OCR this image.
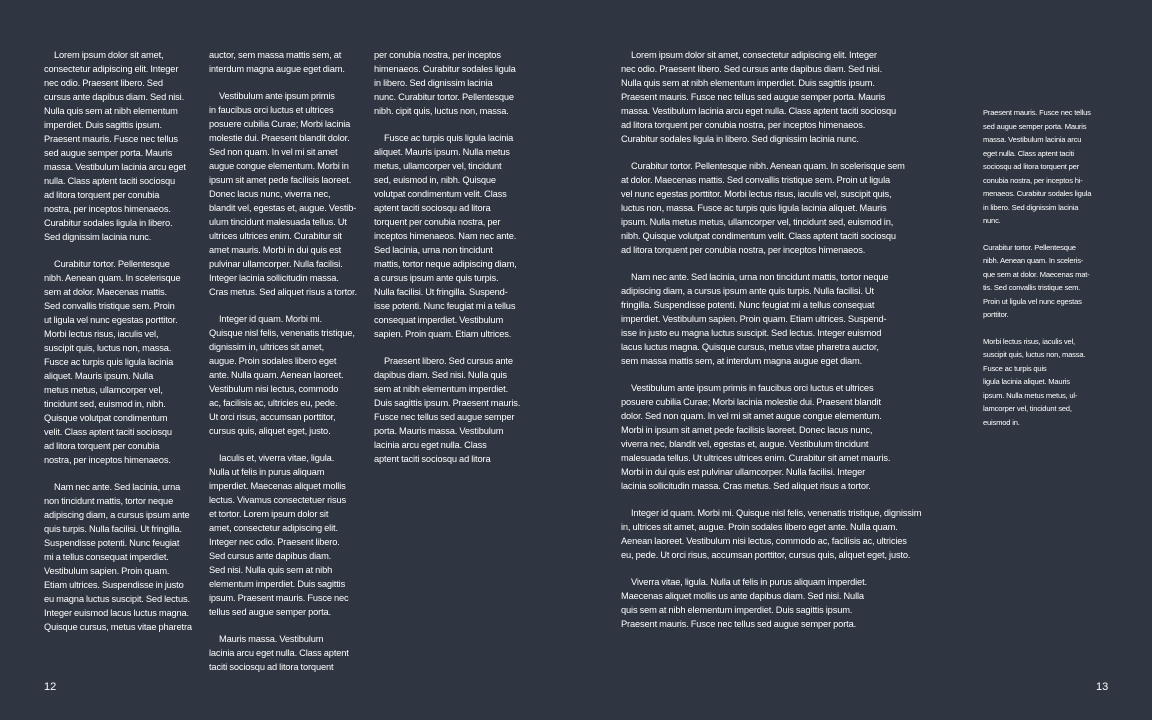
Lorem ipsum dolor sit amet,
consectetur adipiscing elit. Integer
nec odio. Praesent libero. Sed
cursus ante dapibus diam. Sed nisi.
Nulla quis sem at nibh elementum
imperdiet. Duis sagittis ipsum.
Praesent mauris. Fusce nec tellus
sed augue semper porta. Mauris
massa. Vestibulum lacinia arcu eget
nulla. Class aptent taciti sociosqu
ad litora torquent per conubia
nostra, per inceptos himenaeos.
Curabitur sodales ligula in libero.
Sed dignissim lacinia nunc.

Curabitur tortor. Pellentesque
nibh. Aenean quam. In scelerisque
sem at dolor. Maecenas mattis.
Sed convallis tristique sem. Proin
ut ligula vel nunc egestas porttitor.
Morbi lectus risus, iaculis vel,
suscipit quis, luctus non, massa.
Fusce ac turpis quis ligula lacinia
aliquet. Mauris ipsum. Nulla
metus metus, ullamcorper vel,
tincidunt sed, euismod in, nibh.
Quisque volutpat condimentum
velit. Class aptent taciti sociosqu
ad litora torquent per conubia
nostra, per inceptos himenaeos.

Nam nec ante. Sed lacinia, urna
non tincidunt mattis, tortor neque
adipiscing diam, a cursus ipsum ante
quis turpis. Nulla facilisi. Ut fringilla.
Suspendisse potenti. Nunc feugiat
mi a tellus consequat imperdiet.
Vestibulum sapien. Proin quam.
Etiam ultrices. Suspendisse in justo
eu magna luctus suscipit. Sed lectus.
Integer euismod lacus luctus magna.
Quisque cursus, metus vitae pharetra

auctor, sem massa mattis sem, at
interdum magna augue eget diam.

Vestibulum ante ipsum primis
in faucibus orci luctus et ultrices
posuere cubilia Curae; Morbi lacinia
molestie dui. Praesent blandit dolor.
Sed non quam. In vel mi sit amet
augue congue elementum. Morbi in
ipsum sit amet pede facilisis laoreet.
Donec lacus nunc, viverra nec,
blandit vel, egestas et, augue. Vestib-
ulum tincidunt malesuada tellus. Ut
ultrices ultrices enim. Curabitur sit
amet mauris. Morbi in dui quis est
pulvinar ullamcorper. Nulla facilisi.
Integer lacinia sollicitudin massa.
Cras metus. Sed aliquet risus a tortor.

Integer id quam. Morbi mi.
Quisque nisl felis, venenatis tristique,
dignissim in, ultrices sit amet,
augue. Proin sodales libero eget
ante. Nulla quam. Aenean laoreet.
Vestibulum nisi lectus, commodo
ac, facilisis ac, ultricies eu, pede.
Ut orci risus, accumsan porttitor,
cursus quis, aliquet eget, justo.

Iaculis et, viverra vitae, ligula.
Nulla ut felis in purus aliquam
imperdiet. Maecenas aliquet mollis
lectus. Vivamus consectetuer risus
et tortor. Lorem ipsum dolor sit
amet, consectetur adipiscing elit.
Integer nec odio. Praesent libero.
Sed cursus ante dapibus diam.
Sed nisi. Nulla quis sem at nibh
elementum imperdiet. Duis sagittis
ipsum. Praesent mauris. Fusce nec
tellus sed augue semper porta.

Mauris massa. Vestibulum
lacinia arcu eget nulla. Class aptent
taciti sociosqu ad litora torquent

per conubia nostra, per inceptos
himenaeos. Curabitur sodales ligula
in libero. Sed dignissim lacinia
nunc. Curabitur tortor. Pellentesque
nibh. cipit quis, luctus non, massa.

Fusce ac turpis quis ligula lacinia
aliquet. Mauris ipsum. Nulla metus
metus, ullamcorper vel, tincidunt
sed, euismod in, nibh. Quisque
volutpat condimentum velit. Class
aptent taciti sociosqu ad litora
torquent per conubia nostra, per
inceptos himenaeos. Nam nec ante.
Sed lacinia, urna non tincidunt
mattis, tortor neque adipiscing diam,
a cursus ipsum ante quis turpis.
Nulla facilisi. Ut fringilla. Suspend-
isse potenti. Nunc feugiat mi a tellus
consequat imperdiet. Vestibulum
sapien. Proin quam. Etiam ultrices.

Praesent libero. Sed cursus ante
dapibus diam. Sed nisi. Nulla quis
sem at nibh elementum imperdiet.
Duis sagittis ipsum. Praesent mauris.
Fusce nec tellus sed augue semper
porta. Mauris massa. Vestibulum
lacinia arcu eget nulla. Class
aptent taciti sociosqu ad litora

12

Lorem ipsum dolor sit amet, consectetur adipiscing elit. Integer
nec odio. Praesent libero. Sed cursus ante dapibus diam. Sed nisi.
Nulla quis sem at nibh elementum imperdiet. Duis sagittis ipsum.
Praesent mauris. Fusce nec tellus sed augue semper porta. Mauris
massa. Vestibulum lacinia arcu eget nulla. Class aptent taciti sociosqu
ad litora torquent per conubia nostra, per inceptos himenaeos.
Curabitur sodales ligula in libero. Sed dignissim lacinia nunc.

Curabitur tortor. Pellentesque nibh. Aenean quam. In scelerisque sem
at dolor. Maecenas mattis. Sed convallis tristique sem. Proin ut ligula
vel nunc egestas porttitor. Morbi lectus risus, iaculis vel, suscipit quis,
luctus non, massa. Fusce ac turpis quis ligula lacinia aliquet. Mauris
ipsum. Nulla metus metus, ullamcorper vel, tincidunt sed, euismod in,
nibh. Quisque volutpat condimentum velit. Class aptent taciti sociosqu
ad litora torquent per conubia nostra, per inceptos himenaeos.

Nam nec ante. Sed lacinia, urna non tincidunt mattis, tortor neque
adipiscing diam, a cursus ipsum ante quis turpis. Nulla facilisi. Ut
fringilla. Suspendisse potenti. Nunc feugiat mi a tellus consequat
imperdiet. Vestibulum sapien. Proin quam. Etiam ultrices. Suspend-
isse in justo eu magna luctus suscipit. Sed lectus. Integer euismod
lacus luctus magna. Quisque cursus, metus vitae pharetra auctor,
sem massa mattis sem, at interdum magna augue eget diam.

Vestibulum ante ipsum primis in faucibus orci luctus et ultrices
posuere cubilia Curae; Morbi lacinia molestie dui. Praesent blandit
dolor. Sed non quam. In vel mi sit amet augue congue elementum.
Morbi in ipsum sit amet pede facilisis laoreet. Donec lacus nunc,
viverra nec, blandit vel, egestas et, augue. Vestibulum tincidunt
malesuada tellus. Ut ultrices ultrices enim. Curabitur sit amet mauris.
Morbi in dui quis est pulvinar ullamcorper. Nulla facilisi. Integer
lacinia sollicitudin massa. Cras metus. Sed aliquet risus a tortor.

Integer id quam. Morbi mi. Quisque nisl felis, venenatis tristique, dignissim
in, ultrices sit amet, augue. Proin sodales libero eget ante. Nulla quam.
Aenean laoreet. Vestibulum nisi lectus, commodo ac, facilisis ac, ultricies
eu, pede. Ut orci risus, accumsan porttitor, cursus quis, aliquet eget, justo.

Viverra vitae, ligula. Nulla ut felis in purus aliquam imperdiet.
Maecenas aliquet mollis us ante dapibus diam. Sed nisi. Nulla
quis sem at nibh elementum imperdiet. Duis sagittis ipsum.
Praesent mauris. Fusce nec tellus sed augue semper porta.

Praesent mauris. Fusce nec tellus
sed augue semper porta. Mauris
massa. Vestibulum lacinia arcu
eget nulla. Class aptent taciti
sociosqu ad litora torquent per
conubia nostra, per inceptos hi-
menaeos. Curabitur sodales ligula
in libero. Sed dignissim lacinia
nunc.

Curabitur tortor. Pellentesque
nibh. Aenean quam. In sceleris-
que sem at dolor. Maecenas mat-
tis. Sed convallis tristique sem.
Proin ut ligula vel nunc egestas
porttitor.

Morbi lectus risus, iaculis vel,
suscipit quis, luctus non, massa.
Fusce ac turpis quis
ligula lacinia aliquet. Mauris
ipsum. Nulla metus metus, ul-
lamcorper vel, tincidunt sed,
euismod in.

13
